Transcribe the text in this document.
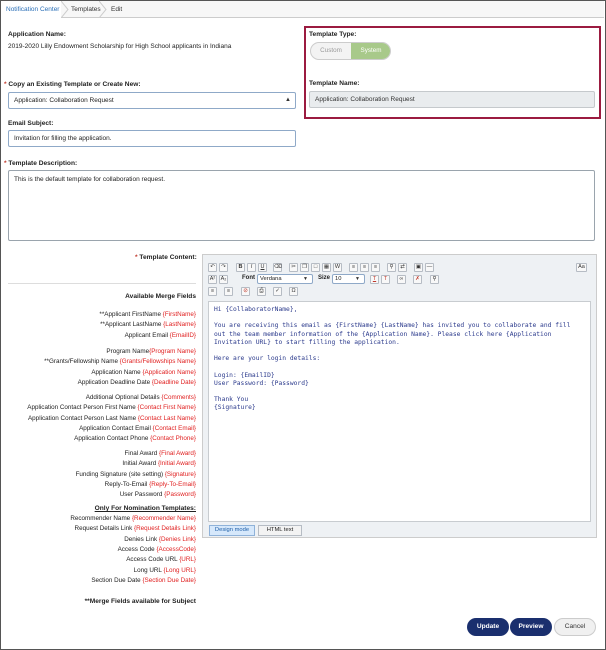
Notification Center	Templates	Edit
Application Name:
2019-2020 Lilly Endowment Scholarship for High School applicants in Indiana
* Copy an Existing Template or Create New:
Application: Collaboration Request	▲

Template Type:
Custom	System
Template Name:
Application: Collaboration Request
Email Subject:
Invitation for filling the application.
* Template Description:
This is the default template for collaboration request.
* Template Content:
Available Merge Fields
**Applicant FirstName {FirstName}
**Applicant LastName {LastName}
Applicant Email {EmailID}
Program Name{Program Name}
**Grants/Fellowship Name {Grants/Fellowships Name}
Application Name {Application Name}
Application Deadline Date {Deadline Date}
Additional Optional Details {Comments}
Application Contact Person First Name {Contact First Name}
Application Contact Person Last Name {Contact Last Name}
Application Contact Email {Contact Email}
Application Contact Phone {Contact Phone}
Final Award {Final Award}
Initial Award {Initial Award}
Funding Signature (site setting) {Signature}
Reply-To-Email {Reply-To-Email}
User Password {Password}
Only For Nomination Templates:
Recommender Name {Recommender Name}
Request Details Link {Request Details Link}
Denies Link {Denies Link}
Access Code {AccessCode}
Access Code URL {URL}
Long URL {Long URL}
Section Due Date {Section Due Date}
**Merge Fields available for Subject
↶	↷	B	I	U	⌫	✂	❐	□	▦	W	≡	≡	≡	⚲	⇄	▣	—	Aa
A² A₂	Font Verdana	▼ Size 10	▼	T	T	∞	✗	⚲
≡	≡	⊘	⎙	✓	Ω

Hi {CollaboratorName},

You are receiving this email as {FirstName} {LastName} has invited you to collaborate and fill out the team member information of the {Application Name}. Please click here {Application Invitation URL} to start filling the application.

Here are your login details:

Login: {EmailID}

User Password: {Password}

Thank You

{Signature}

Design mode	HTML text
Update	Preview	Cancel
